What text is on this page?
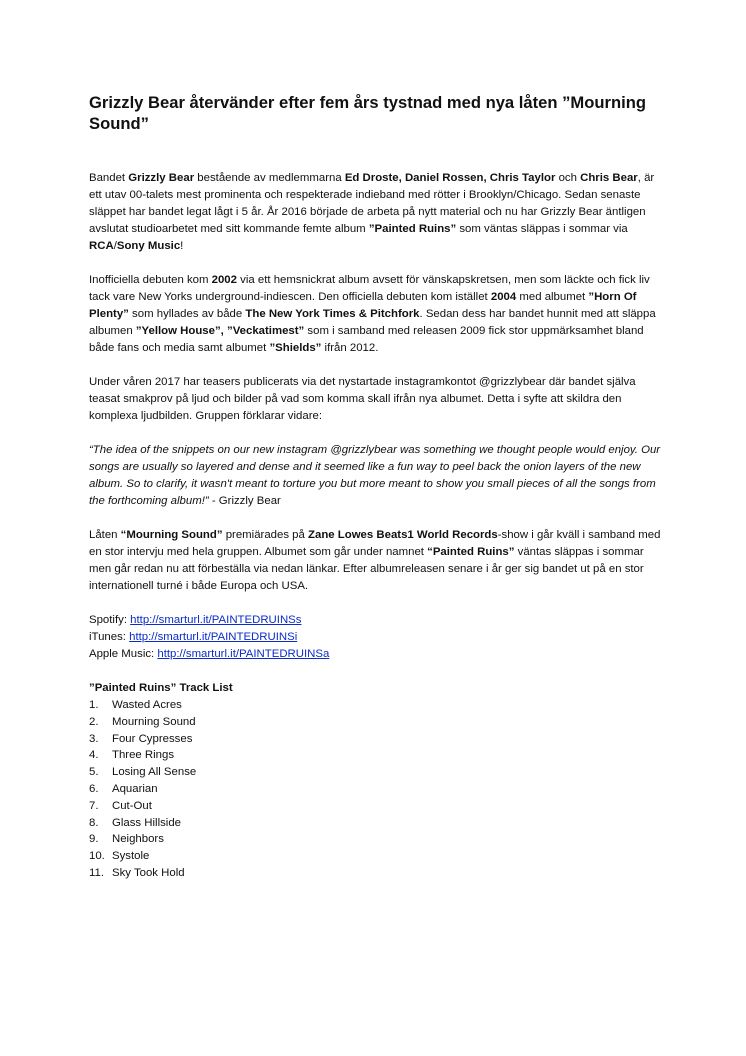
Grizzly Bear återvänder efter fem års tystnad med nya låten ”Mourning Sound”

Bandet Grizzly Bear bestående av medlemmarna Ed Droste, Daniel Rossen, Chris Taylor och Chris Bear, är ett utav 00-talets mest prominenta och respekterade indieband med rötter i Brooklyn/Chicago. Sedan senaste släppet har bandet legat lågt i 5 år. År 2016 började de arbeta på nytt material och nu har Grizzly Bear äntligen avslutat studioarbetet med sitt kommande femte album ”Painted Ruins” som väntas släppas i sommar via RCA/Sony Music!

Inofficiella debuten kom 2002 via ett hemsnickrat album avsett för vänskapskretsen, men som läckte och fick liv tack vare New Yorks underground-indiescen. Den officiella debuten kom istället 2004 med albumet ”Horn Of Plenty” som hyllades av både The New York Times & Pitchfork. Sedan dess har bandet hunnit med att släppa albumen ”Yellow House”, ”Veckatimest” som i samband med releasen 2009 fick stor uppmärksamhet bland både fans och media samt albumet ”Shields” ifrån 2012.

Under våren 2017 har teasers publicerats via det nystartade instagramkontot @grizzlybear där bandet själva teasat smakprov på ljud och bilder på vad som komma skall ifrån nya albumet. Detta i syfte att skildra den komplexa ljudbilden. Gruppen förklarar vidare:

“The idea of the snippets on our new instagram @grizzlybear was something we thought people would enjoy. Our songs are usually so layered and dense and it seemed like a fun way to peel back the onion layers of the new album. So to clarify, it wasn't meant to torture you but more meant to show you small pieces of all the songs from the forthcoming album!” - Grizzly Bear

Låten “Mourning Sound” premiärades på Zane Lowes Beats1 World Records-show i går kväll i samband med en stor intervju med hela gruppen. Albumet som går under namnet “Painted Ruins” väntas släppas i sommar men går redan nu att förbeställa via nedan länkar. Efter albumreleasen senare i år ger sig bandet ut på en stor internationell turné i både Europa och USA.

Spotify: http://smarturl.it/PAINTEDRUINSs
iTunes: http://smarturl.it/PAINTEDRUINSi
Apple Music: http://smarturl.it/PAINTEDRUINSa
”Painted Ruins” Track List
1.	Wasted Acres
2.	Mourning Sound
3.	Four Cypresses
4.	Three Rings
5.	Losing All Sense
6.	Aquarian
7.	Cut-Out
8.	Glass Hillside
9.	Neighbors
10. Systole
11. Sky Took Hold
